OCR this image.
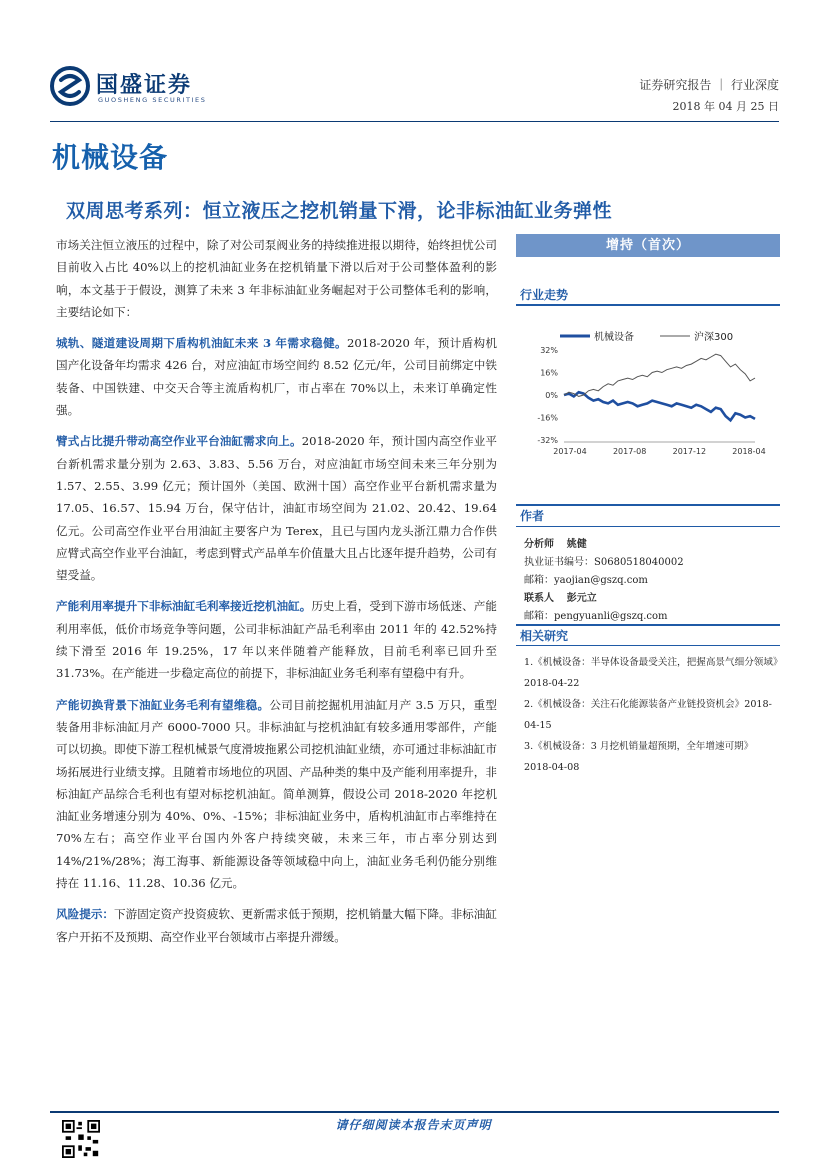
国盛证券
GUOSHENG SECURITIES
证券研究报告 ｜ 行业深度
2018 年 04 月 25 日
机械设备
双周思考系列：恒立液压之挖机销量下滑，论非标油缸业务弹性

市场关注恒立液压的过程中，除了对公司泵阀业务的持续推进报以期待，始终担忧公司目前收入占比 40%以上的挖机油缸业务在挖机销量下滑以后对于公司整体盈利的影响，本文基于于假设，测算了未来 3 年非标油缸业务崛起对于公司整体毛利的影响，主要结论如下：

城轨、隧道建设周期下盾构机油缸未来 3 年需求稳健。2018-2020 年，预计盾构机国产化设备年均需求 426 台，对应油缸市场空间约 8.52 亿元/年，公司目前绑定中铁装备、中国铁建、中交天合等主流盾构机厂，市占率在 70%以上，未来订单确定性强。

臂式占比提升带动高空作业平台油缸需求向上。2018-2020 年，预计国内高空作业平台新机需求量分别为 2.63、3.83、5.56 万台，对应油缸市场空间未来三年分别为 1.57、2.55、3.99 亿元；预计国外（美国、欧洲十国）高空作业平台新机需求量为 17.05、16.57、15.94 万台，保守估计，油缸市场空间为 21.02、20.42、19.64 亿元。公司高空作业平台用油缸主要客户为 Terex，且已与国内龙头浙江鼎力合作供应臂式高空作业平台油缸，考虑到臂式产品单车价值量大且占比逐年提升趋势，公司有望受益。

产能利用率提升下非标油缸毛利率接近挖机油缸。历史上看，受到下游市场低迷、产能利用率低，低价市场竞争等问题，公司非标油缸产品毛利率由 2011 年的 42.52%持续下滑至 2016 年 19.25%，17 年以来伴随着产能释放，目前毛利率已回升至 31.73%。在产能进一步稳定高位的前提下，非标油缸业务毛利率有望稳中有升。

产能切换背景下油缸业务毛利有望维稳。公司目前挖掘机用油缸月产 3.5 万只，重型装备用非标油缸月产 6000-7000 只。非标油缸与挖机油缸有较多通用零部件，产能可以切换。即使下游工程机械景气度滑坡拖累公司挖机油缸业绩，亦可通过非标油缸市场拓展进行业绩支撑。且随着市场地位的巩固、产品种类的集中及产能利用率提升，非标油缸产品综合毛利也有望对标挖机油缸。简单测算，假设公司 2018-2020 年挖机油缸业务增速分别为 40%、0%、-15%；非标油缸业务中，盾构机油缸市占率维持在 70%左右；高空作业平台国内外客户持续突破，未来三年，市占率分别达到 14%/21%/28%；海工海事、新能源设备等领域稳中向上，油缸业务毛利仍能分别维持在 11.16、11.28、10.36 亿元。

风险提示：下游固定资产投资疲软、更新需求低于预期，挖机销量大幅下降。非标油缸客户开拓不及预期、高空作业平台领域市占率提升滞缓。

增持（首次）
行业走势
机械设备	沪深300
32%
16%
0%
-16%
-32%
2017-04	2017-08	2017-12	2018-04
作者
分析师 姚健
执业证书编号：S0680518040002
邮箱：yaojian@gszq.com
联系人 彭元立
邮箱：pengyuanli@gszq.com
相关研究
1.《机械设备：半导体设备最受关注，把握高景气细分领域》2018-04-22
2.《机械设备：关注石化能源装备产业链投资机会》2018-04-15
3.《机械设备：3 月挖机销量超预期，全年增速可期》2018-04-08
请仔细阅读本报告末页声明
